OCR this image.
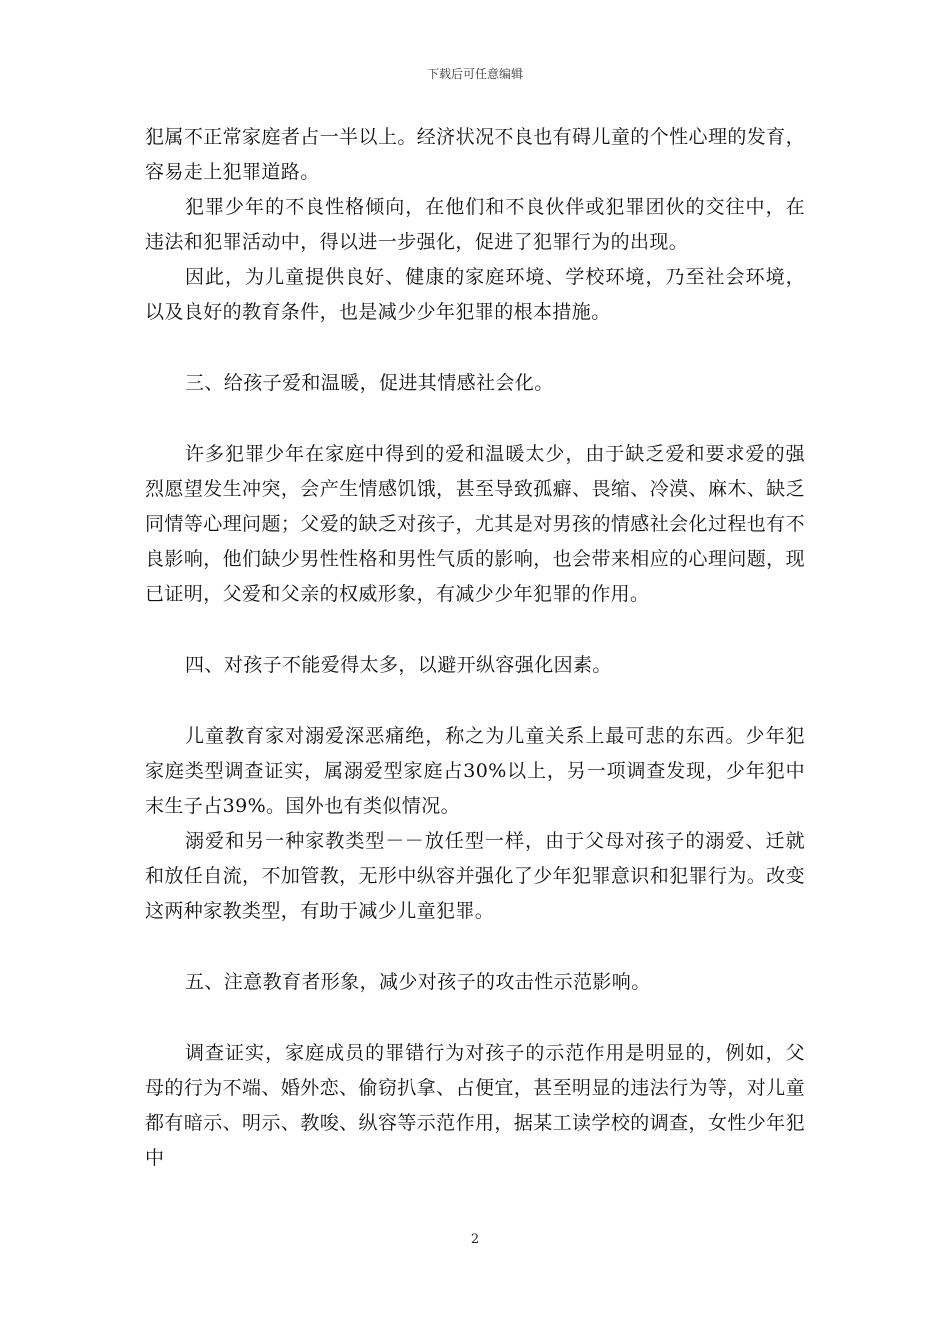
下载后可任意编辑

犯属不正常家庭者占一半以上。经济状况不良也有碍儿童的个性心理的发育，容易走上犯罪道路。

犯罪少年的不良性格倾向，在他们和不良伙伴或犯罪团伙的交往中，在违法和犯罪活动中，得以进一步强化，促进了犯罪行为的出现。

因此，为儿童提供良好、健康的家庭环境、学校环境，乃至社会环境，以及良好的教育条件，也是减少少年犯罪的根本措施。

三、给孩子爱和温暖，促进其情感社会化。

许多犯罪少年在家庭中得到的爱和温暖太少，由于缺乏爱和要求爱的强烈愿望发生冲突，会产生情感饥饿，甚至导致孤癖、畏缩、冷漠、麻木、缺乏同情等心理问题；父爱的缺乏对孩子，尤其是对男孩的情感社会化过程也有不良影响，他们缺少男性性格和男性气质的影响，也会带来相应的心理问题，现已证明，父爱和父亲的权威形象，有减少少年犯罪的作用。

四、对孩子不能爱得太多，以避开纵容强化因素。

儿童教育家对溺爱深恶痛绝，称之为儿童关系上最可悲的东西。少年犯家庭类型调查证实，属溺爱型家庭占30%以上，另一项调查发现，少年犯中末生子占39%。国外也有类似情况。

溺爱和另一种家教类型－－放任型一样，由于父母对孩子的溺爱、迁就和放任自流，不加管教，无形中纵容并强化了少年犯罪意识和犯罪行为。改变这两种家教类型，有助于减少儿童犯罪。

五、注意教育者形象，减少对孩子的攻击性示范影响。

调查证实，家庭成员的罪错行为对孩子的示范作用是明显的，例如，父母的行为不端、婚外恋、偷窃扒拿、占便宜，甚至明显的违法行为等，对儿童都有暗示、明示、教唆、纵容等示范作用，据某工读学校的调查，女性少年犯中

2
